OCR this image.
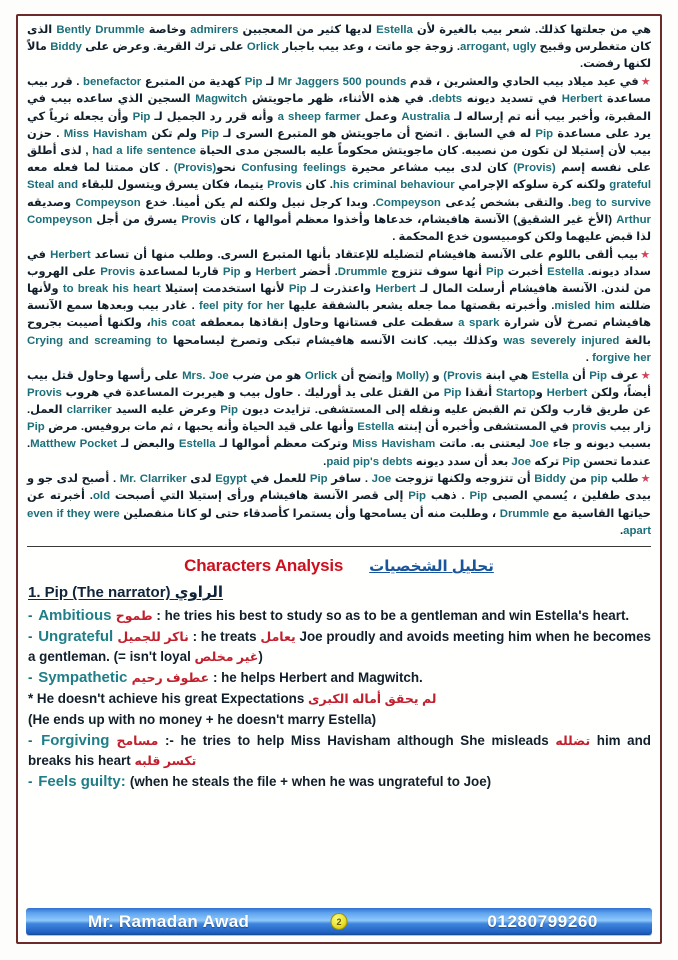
هي من جعلتها كذلك. شعر بيب بالغيرة لأن Estella لديها كثير من المعجبين admirers وخاصة Bently Drummle الذى كان متغطرس وقبيح arrogant, ugly. زوجة جو ماتت ، وعد بيب باجبار Orlick على ترك القرية. وعرض على Biddy مالاً لكنها رفضت.

★في عيد ميلاد بيب الحادي والعشرين ، قدم Mr Jaggers 500 pounds لـ Pip كهدية من المتبرع benefactor . قرر بيب مساعدة Herbert في تسديد ديونه debts. في هذه الأثناء، ظهر ماجويتش Magwitch السجين الذي ساعده بيب في المقبرة، وأخبر بيب أنه تم إرساله لـ Australia وعمل a sheep farmer وأنه قرر رد الجميل لـ Pip وأن يجعله ثرياً كي يرد على مساعدة Pip له في السابق . اتضح أن ماجويتش هو المتبرع السرى لـ Pip ولم تكن Miss Havisham . حزن بيب لأن إستيلا لن تكون من نصيبه. كان ماجويتش محكوماً عليه بالسجن مدى الحياة had a life sentence , لذى أطلق على نفسه إسم (Provis) كان لدى بيب مشاعر محيرة Confusing feelings نحو(Provis) . كان ممتنا لما فعله معه grateful ولكنه كرة سلوكه الإجرامي his criminal behaviour. كان Provis يتيما، فكان يسرق ويتسول للبقاء Steal and beg to survive. والتقى بشخص يُدعى Compeyson. وبدا كرجل نبيل ولكنه لم يكن أمينا. خدع Compeyson وصديقه Arthur (الأخ غير الشقيق) الآنسة هافيشام، خدعاها وأخذوا معظم أموالها ، كان Provis يسرق من أجل Compeyson لذا قبض عليهما ولكن كومبيسون خدع المحكمة .

★بيب ألقى باللوم على الآنسة هافيشام لتضليله للإعتقاد بأنها المتبرع السرى. وطلب منها أن تساعد Herbert في سداد ديونه. Estella أخبرت Pip أنها سوف تتزوج Drummle. أحضر Herbert و Pip قاربا لمساعدة Provis على الهروب من لندن. الآنسة هافيشام أرسلت المال لـ Herbert واعتذرت لـ Pip لأنها استخدمت إستيلا to break his heart ولأنها ضللته misled him. وأخبرته بقصتها مما جعله يشعر بالشفقة عليها feel pity for her . غادر بيب وبعدها سمع الآنسة هافيشام تصرخ لأن شرارة a spark سقطت على فستانها وحاول إنقاذها بمعطفه his coat، ولكنها أصيبت بجروح بالغة was severely injured وكذلك بيب. كانت الآنسه هافيشام تبكى وتصرخ ليسامحها Crying and screaming to forgive her .

★عرف Pip أن Estella هي ابنة (Provis و Molly) وإتضح أن Orlick هو من ضرب Mrs. Joe على رأسها وحاول قتل بيب أيضاً، ولكن Herbert وStartop أنقذا Pip من القتل على يد أورليك . حاول بيب و هيربرت المساعدة في هروب Provis عن طريق قارب ولكن تم القبض عليه ونقله إلى المستشفى. تزايدت ديون Pip وعرض عليه السيد clarriker العمل. زار بيب provis في المستشفى وأخبره أن إبنته Estella وأنها على قيد الحياة وأنه يحبها ، ثم مات بروفيس. مرض Pip بسبب ديونه و جاء Joe ليعتنى به. ماتت Miss Havisham وتركت معظم أموالها لـ Estella والبعض لـ Matthew Pocket. عندما تحسن Pip تركه Joe بعد أن سدد ديونه paid pip's debts.

★طلب pip من Biddy أن تتزوجه ولكنها تزوجت Joe . سافر Pip للعمل في Egypt لدى Mr. Clarriker . أصبح لدى جو و بيدى طفلين ، يُسمي الصبى Pip . ذهب Pip إلى قصر الآنسة هافيشام ورأى إستيلا التي أصبحت old. أخبرته عن حياتها القاسية مع Drummle ، وطلبت منه أن يسامحها وأن يستمرا كأصدقاء حتى لو كانا منفصلين even if they were apart.

Characters Analysis تحليل الشخصيات
1. Pip (The narrator) الراوي
- Ambitious طموح : he tries his best to study so as to be a gentleman and win Estella's heart.
- Ungrateful ناكر للجميل : he treats يعامل Joe proudly and avoids meeting him when he becomes a gentleman. (= isn't loyal غير مخلص)
- Sympathetic عطوف رحيم : he helps Herbert and Magwitch.
* He doesn't achieve his great Expectations لم يحقق أماله الكبرى
(He ends up with no money + he doesn't marry Estella)
- Forgiving مسامح :- he tries to help Miss Havisham although She misleads تضلله him and breaks his heart تكسر قلبه
- Feels guilty: (when he steals the file + when he was ungrateful to Joe)
Mr. Ramadan Awad	2	01280799260
